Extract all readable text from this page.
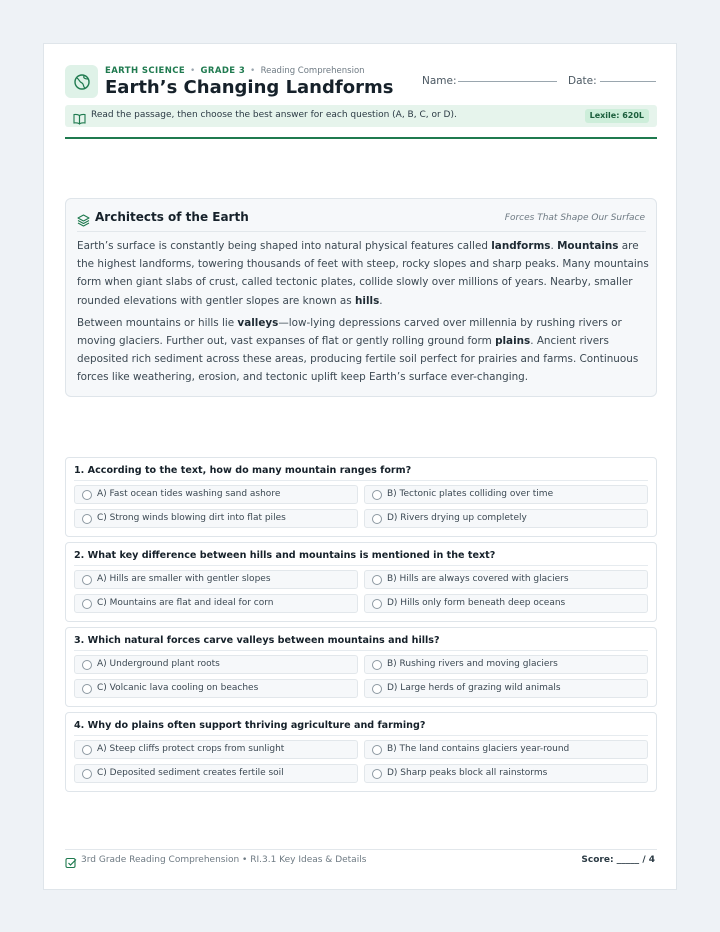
EARTH SCIENCE • GRADE 3 • Reading Comprehension
Earth’s Changing Landforms	Name:	Date:
Read the passage, then choose the best answer for each question (A, B, C, or D).	Lexile: 620L
Architects of the Earth	Forces That Shape Our Surface

Earth’s surface is constantly being shaped into natural physical features called landforms. Mountains are the highest landforms, towering thousands of feet with steep, rocky slopes and sharp peaks. Many mountains form when giant slabs of crust, called tectonic plates, collide slowly over millions of years. Nearby, smaller rounded elevations with gentler slopes are known as hills.

Between mountains or hills lie valleys—low-lying depressions carved over millennia by rushing rivers or moving glaciers. Further out, vast expanses of flat or gently rolling ground form plains. Ancient rivers deposited rich sediment across these areas, producing fertile soil perfect for prairies and farms. Continuous forces like weathering, erosion, and tectonic uplift keep Earth’s surface ever-changing.

1. According to the text, how do many mountain ranges form?
A) Fast ocean tides washing sand ashore	B) Tectonic plates colliding over time
C) Strong winds blowing dirt into flat piles	D) Rivers drying up completely
2. What key difference between hills and mountains is mentioned in the text?
A) Hills are smaller with gentler slopes	B) Hills are always covered with glaciers
C) Mountains are flat and ideal for corn	D) Hills only form beneath deep oceans
3. Which natural forces carve valleys between mountains and hills?
A) Underground plant roots	B) Rushing rivers and moving glaciers
C) Volcanic lava cooling on beaches	D) Large herds of grazing wild animals
4. Why do plains often support thriving agriculture and farming?
A) Steep cliffs protect crops from sunlight	B) The land contains glaciers year-round
C) Deposited sediment creates fertile soil	D) Sharp peaks block all rainstorms
3rd Grade Reading Comprehension • RI.3.1 Key Ideas & Details	Score: _____ / 4
